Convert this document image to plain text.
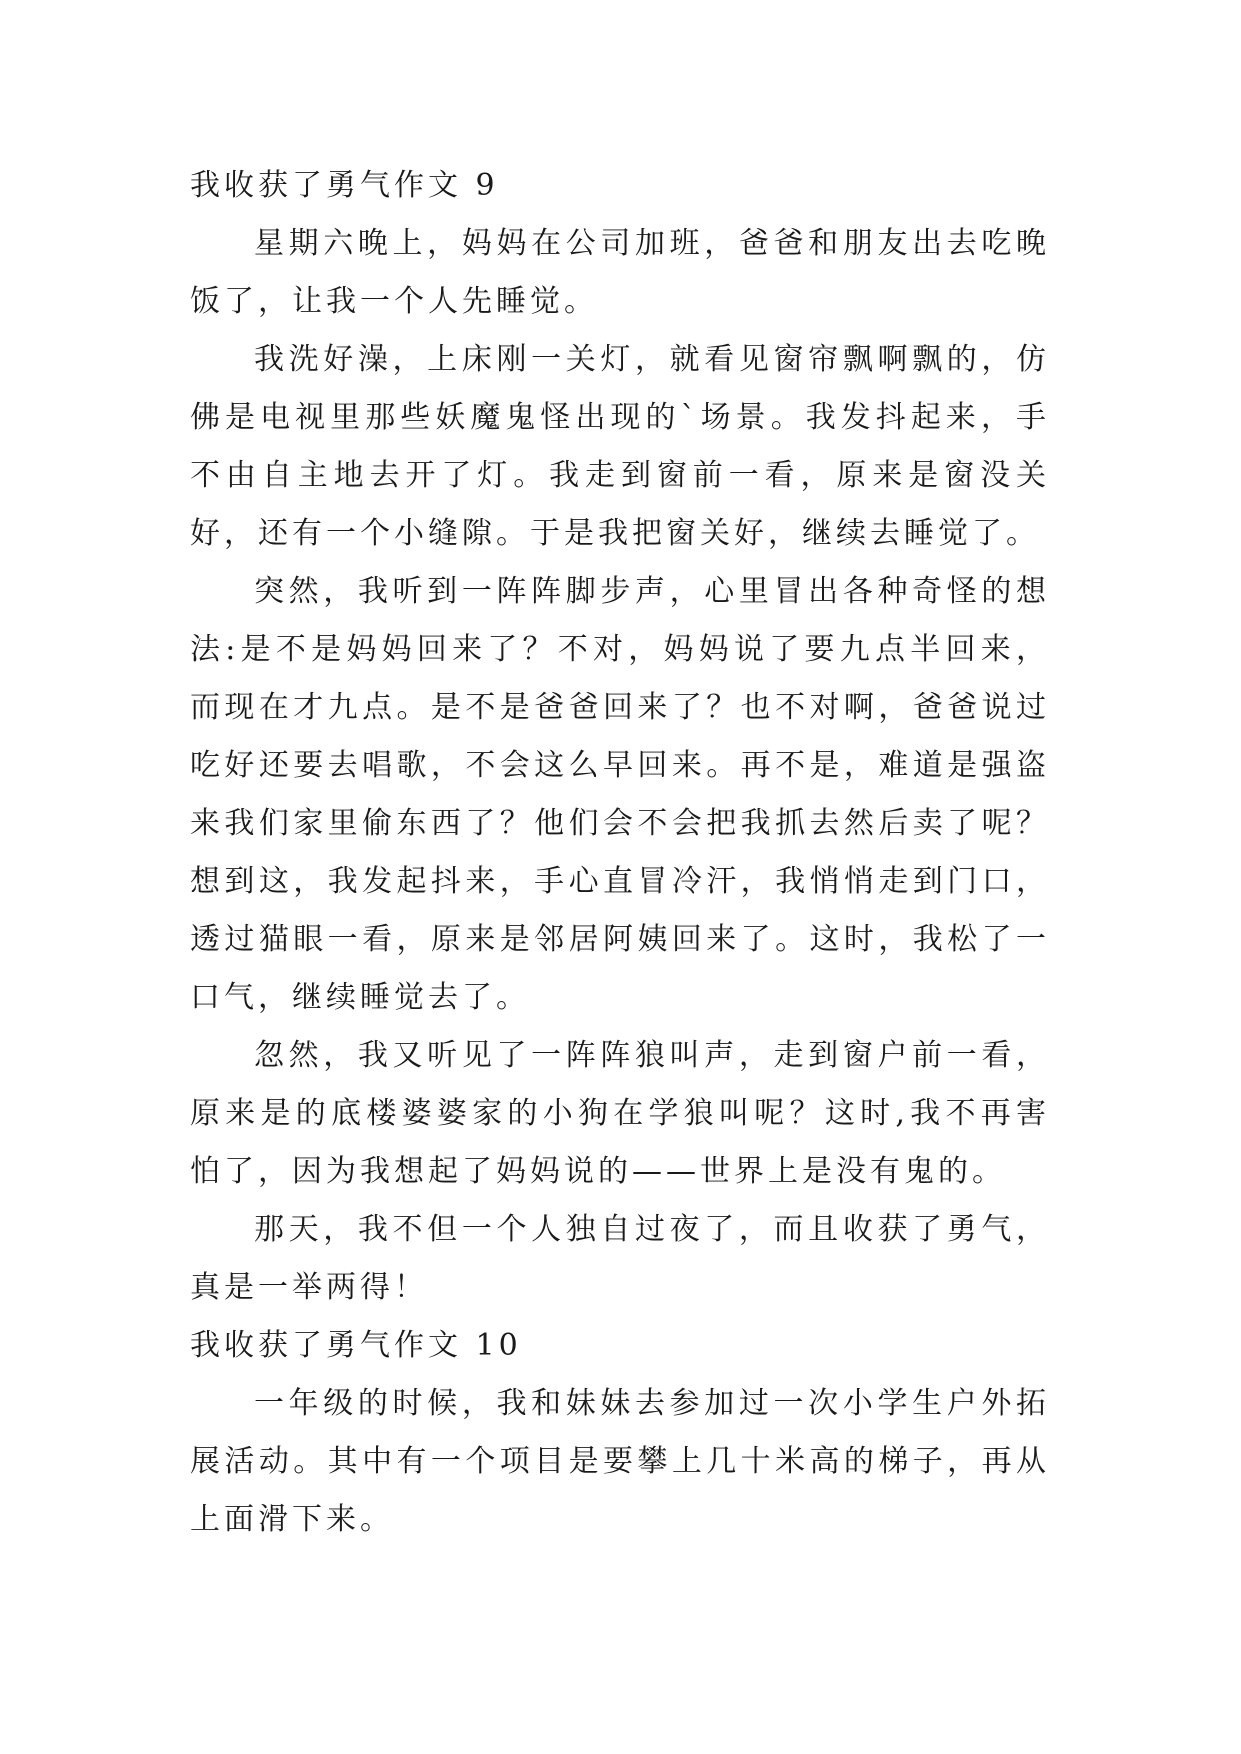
我收获了勇气作文 9

星期六晚上，妈妈在公司加班，爸爸和朋友出去吃晚饭了，让我一个人先睡觉。

我洗好澡，上床刚一关灯，就看见窗帘飘啊飘的，仿佛是电视里那些妖魔鬼怪出现的`场景。我发抖起来，手不由自主地去开了灯。我走到窗前一看，原来是窗没关好，还有一个小缝隙。于是我把窗关好，继续去睡觉了。

突然，我听到一阵阵脚步声，心里冒出各种奇怪的想法:是不是妈妈回来了？不对，妈妈说了要九点半回来，而现在才九点。是不是爸爸回来了？也不对啊，爸爸说过吃好还要去唱歌，不会这么早回来。再不是，难道是强盗来我们家里偷东西了？他们会不会把我抓去然后卖了呢？想到这，我发起抖来，手心直冒冷汗，我悄悄走到门口，透过猫眼一看，原来是邻居阿姨回来了。这时，我松了一口气，继续睡觉去了。

忽然，我又听见了一阵阵狼叫声，走到窗户前一看，原来是的底楼婆婆家的小狗在学狼叫呢？这时,我不再害怕了，因为我想起了妈妈说的——世界上是没有鬼的。

那天，我不但一个人独自过夜了，而且收获了勇气，真是一举两得！

我收获了勇气作文 10

一年级的时候，我和妹妹去参加过一次小学生户外拓展活动。其中有一个项目是要攀上几十米高的梯子，再从上面滑下来。
